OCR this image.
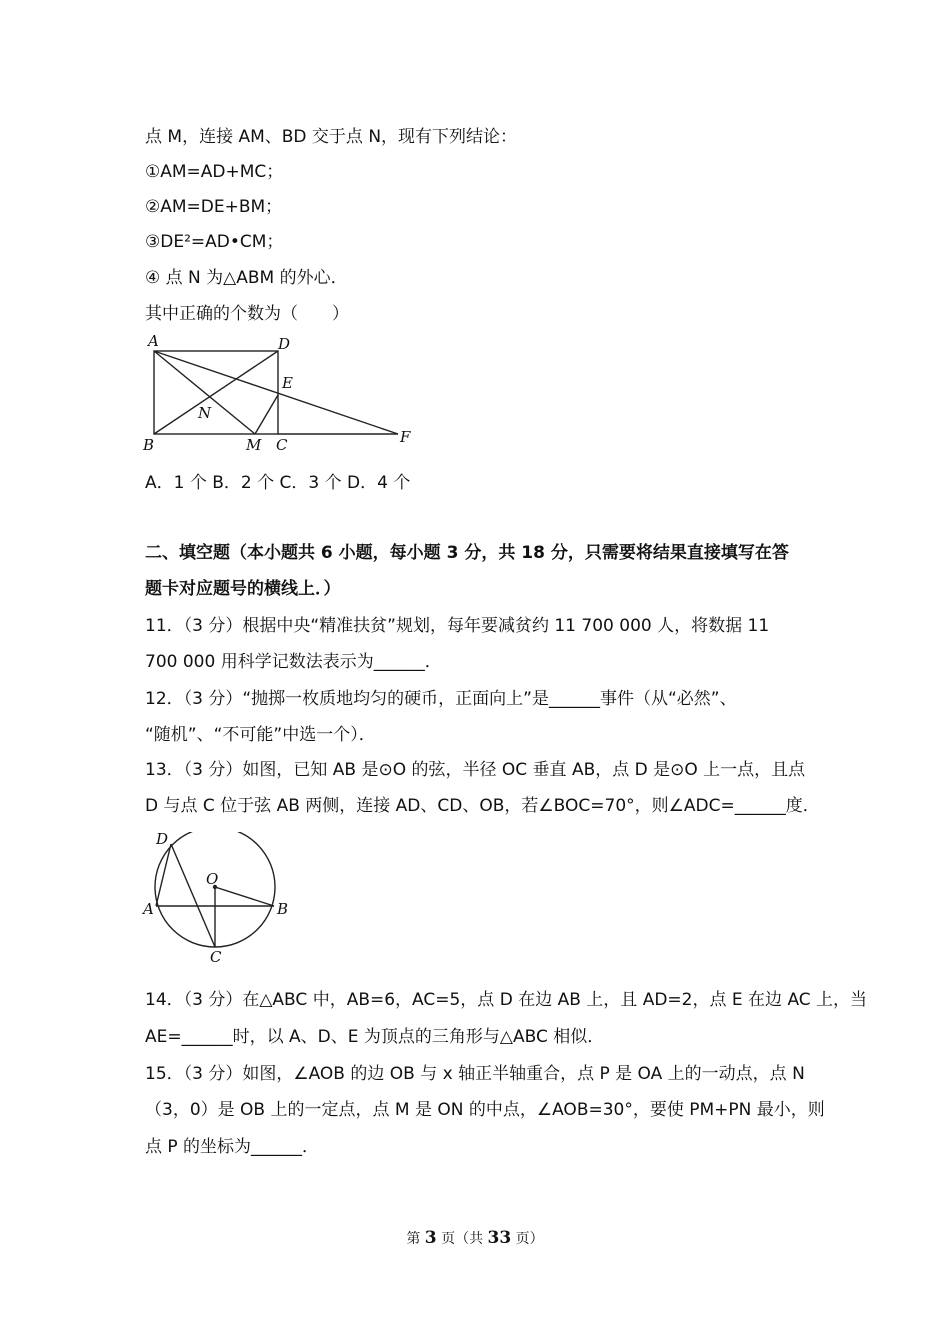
点 M，连接 AM、BD 交于点 N，现有下列结论：
①AM=AD+MC；
②AM=DE+BM；
③DE²=AD•CM；
④ 点 N 为△ABM 的外心．
其中正确的个数为（　　）
A	D
E
N
B	M C	F
A．1 个 B．2 个 C．3 个 D．4 个
二、填空题（本小题共 6 小题，每小题 3 分，共 18 分，只需要将结果直接填写在答
题卡对应题号的横线上．）
11．（3 分）根据中央“精准扶贫”规划，每年要减贫约 11 700 000 人，将数据 11
700 000 用科学记数法表示为______．
12．（3 分）“抛掷一枚质地均匀的硬币，正面向上”是______事件（从“必然”、
“随机”、“不可能”中选一个）．
13．（3 分）如图，已知 AB 是⊙O 的弦，半径 OC 垂直 AB，点 D 是⊙O 上一点，且点
D 与点 C 位于弦 AB 两侧，连接 AD、CD、OB，若∠BOC=70°，则∠ADC=______度．
D
O
A	B
C
14．（3 分）在△ABC 中，AB=6，AC=5，点 D 在边 AB 上，且 AD=2，点 E 在边 AC 上，当
AE=______时，以 A、D、E 为顶点的三角形与△ABC 相似．
15．（3 分）如图，∠AOB 的边 OB 与 x 轴正半轴重合，点 P 是 OA 上的一动点，点 N
（3，0）是 OB 上的一定点，点 M 是 ON 的中点，∠AOB=30°，要使 PM+PN 最小，则
点 P 的坐标为______．
第 3 页（共 33 页）
